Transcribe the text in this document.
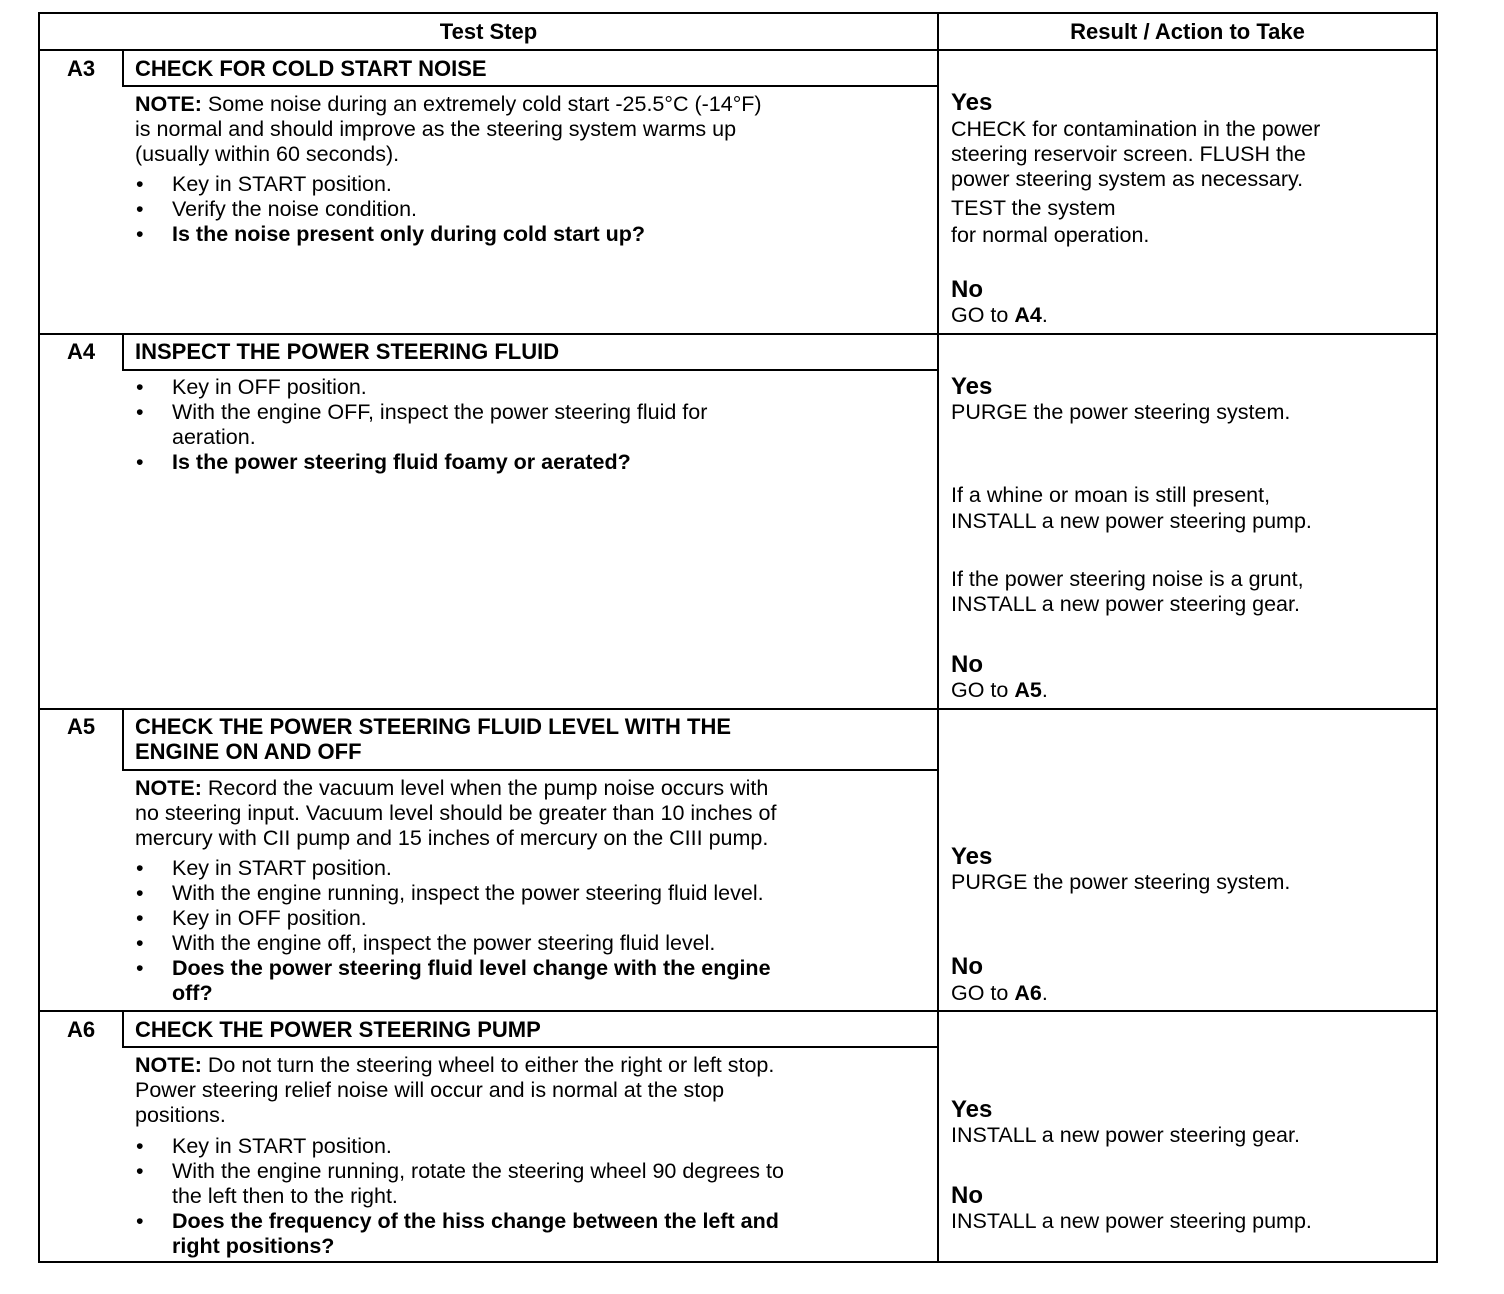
Test Step	Result / Action to Take
A3	CHECK FOR COLD START NOISE
NOTE: Some noise during an extremely cold start -25.5°C (-14°F)
is normal and should improve as the steering system warms up
(usually within 60 seconds).
• Key in START position.
• Verify the noise condition.
• Is the noise present only during cold start up?
Yes
CHECK for contamination in the power
steering reservoir screen. FLUSH the
power steering system as necessary.
TEST the system
for normal operation.
No
GO to A4.
A4	INSPECT THE POWER STEERING FLUID
• Key in OFF position.
• With the engine OFF, inspect the power steering fluid for
aeration.
• Is the power steering fluid foamy or aerated?
Yes
PURGE the power steering system.
If a whine or moan is still present,
INSTALL a new power steering pump.
If the power steering noise is a grunt,
INSTALL a new power steering gear.
No
GO to A5.
A5	CHECK THE POWER STEERING FLUID LEVEL WITH THE
ENGINE ON AND OFF
NOTE: Record the vacuum level when the pump noise occurs with
no steering input. Vacuum level should be greater than 10 inches of
mercury with CII pump and 15 inches of mercury on the CIII pump.
• Key in START position.
• With the engine running, inspect the power steering fluid level.
• Key in OFF position.
• With the engine off, inspect the power steering fluid level.
• Does the power steering fluid level change with the engine
off?
Yes
PURGE the power steering system.
No
GO to A6.
A6	CHECK THE POWER STEERING PUMP
NOTE: Do not turn the steering wheel to either the right or left stop.
Power steering relief noise will occur and is normal at the stop
positions.
• Key in START position.
• With the engine running, rotate the steering wheel 90 degrees to
the left then to the right.
• Does the frequency of the hiss change between the left and
right positions?
Yes
INSTALL a new power steering gear.
No
INSTALL a new power steering pump.
